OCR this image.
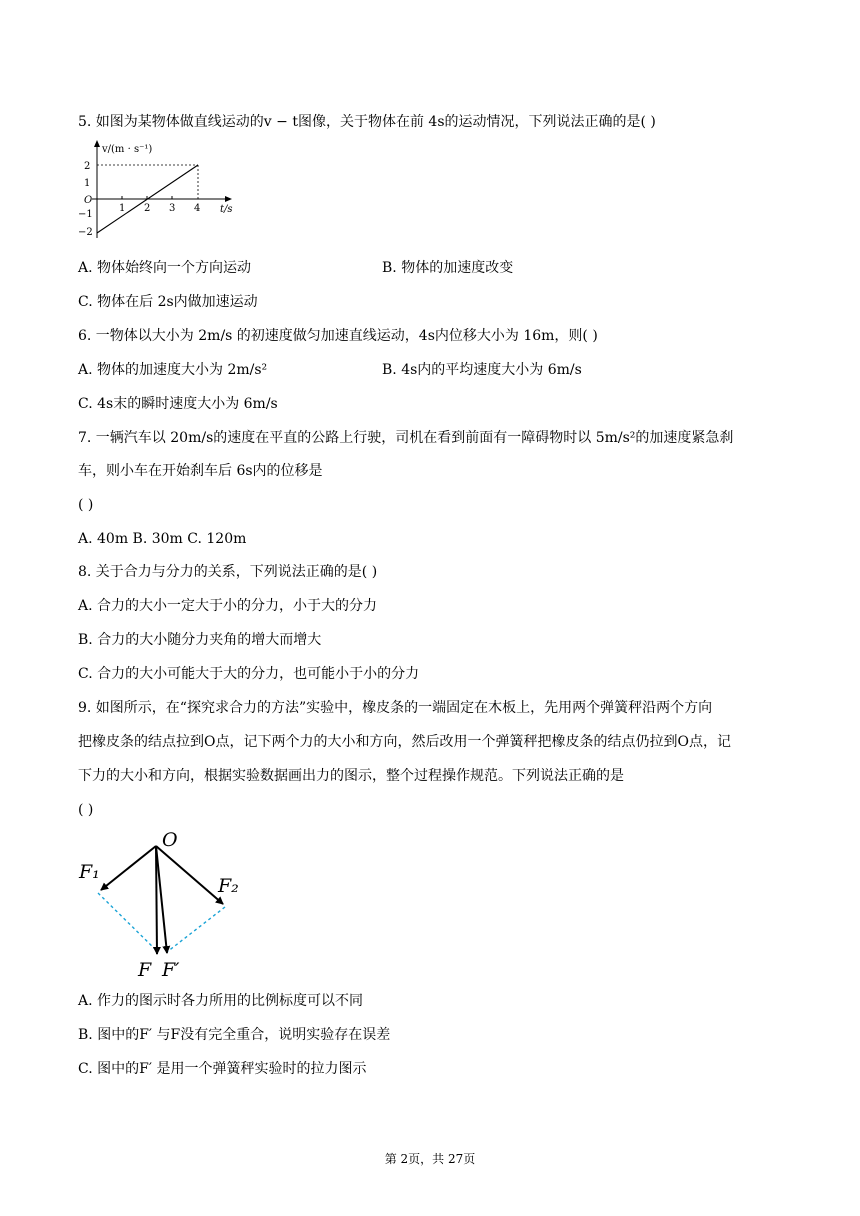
5. 如图为某物体做直线运动的v − t图像，关于物体在前 4s的运动情况，下列说法正确的是( )
v/(m · s⁻¹)
t/s
O
2
1
−1
−2
1 2 3 4
A. 物体始终向一个方向运动	B. 物体的加速度改变
C. 物体在后 2s内做加速运动
6. 一物体以大小为 2m/s 的初速度做匀加速直线运动，4s内位移大小为 16m，则( )
A. 物体的加速度大小为 2m/s²	B. 4s内的平均速度大小为 6m/s
C. 4s末的瞬时速度大小为 6m/s
7. 一辆汽车以 20m/s的速度在平直的公路上行驶，司机在看到前面有一障碍物时以 5m/s²的加速度紧急刹
车，则小车在开始刹车后 6s内的位移是
( )
A. 40m B. 30m C. 120m
8. 关于合力与分力的关系，下列说法正确的是( )
A. 合力的大小一定大于小的分力，小于大的分力
B. 合力的大小随分力夹角的增大而增大
C. 合力的大小可能大于大的分力，也可能小于小的分力
9. 如图所示，在“探究求合力的方法”实验中，橡皮条的一端固定在木板上，先用两个弹簧秤沿两个方向
把橡皮条的结点拉到O点，记下两个力的大小和方向，然后改用一个弹簧秤把橡皮条的结点仍拉到O点，记
下力的大小和方向，根据实验数据画出力的图示，整个过程操作规范。下列说法正确的是
( )
O
F₁
F₂
F F′
A. 作力的图示时各力所用的比例标度可以不同
B. 图中的F′ 与F没有完全重合，说明实验存在误差
C. 图中的F′ 是用一个弹簧秤实验时的拉力图示
第 2页，共 27页
